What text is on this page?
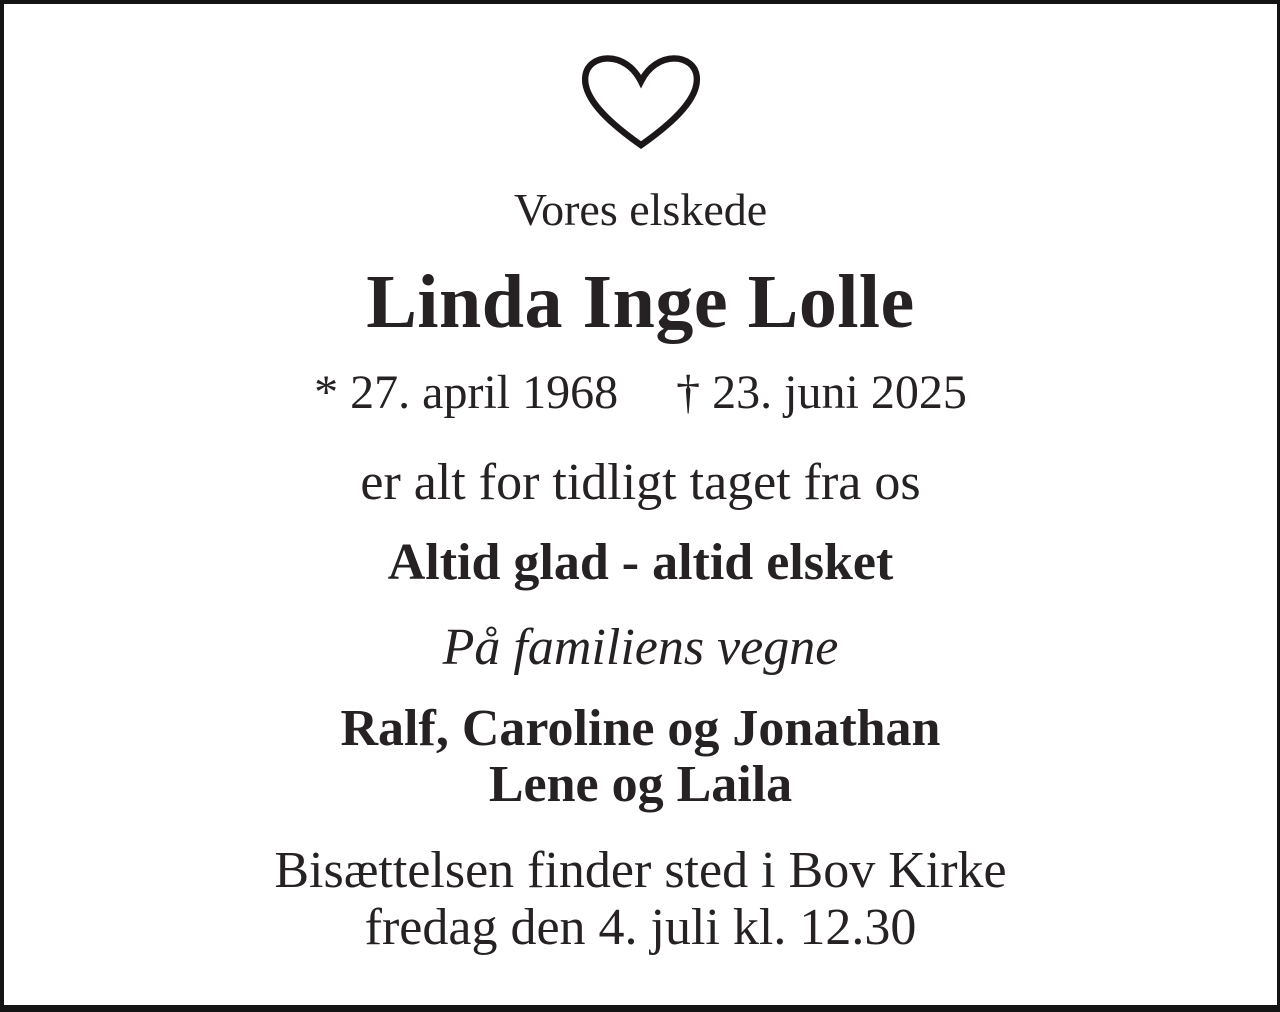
Vores elskede
Linda Inge Lolle
* 27. april 1968 † 23. juni 2025
er alt for tidligt taget fra os
Altid glad - altid elsket
På familiens vegne
Ralf, Caroline og Jonathan
Lene og Laila
Bisættelsen finder sted i Bov Kirke
fredag den 4. juli kl. 12.30
